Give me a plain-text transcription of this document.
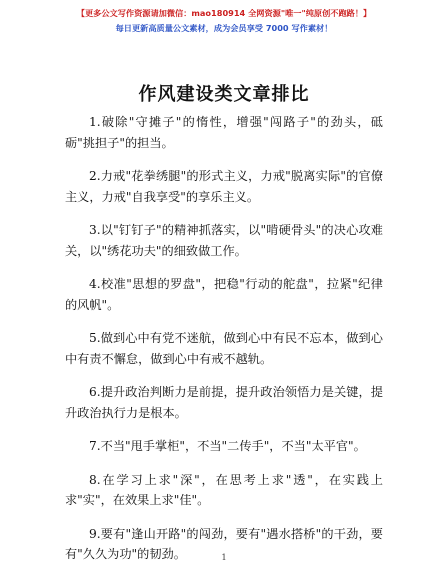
【更多公文写作资源请加微信：mao180914 全网资源"唯一"纯原创不跑路！】
每日更新高质量公文素材，成为会员享受 7000 写作素材！
作风建设类文章排比

1.破除"守摊子"的惰性，增强"闯路子"的劲头，砥砺"挑担子"的担当。

2.力戒"花拳绣腿"的形式主义，力戒"脱离实际"的官僚主义，力戒"自我享受"的享乐主义。

3.以"钉钉子"的精神抓落实，以"啃硬骨头"的决心攻难关，以"绣花功夫"的细致做工作。

4.校准"思想的罗盘"，把稳"行动的舵盘"，拉紧"纪律的风帆"。

5.做到心中有党不迷航，做到心中有民不忘本，做到心中有责不懈怠，做到心中有戒不越轨。

6.提升政治判断力是前提，提升政治领悟力是关键，提升政治执行力是根本。

7.不当"甩手掌柜"，不当"二传手"，不当"太平官"。

8.在学习上求"深"，在思考上求"透"，在实践上求"实"，在效果上求"佳"。

9.要有"逢山开路"的闯劲，要有"遇水搭桥"的干劲，要有"久久为功"的韧劲。	1
